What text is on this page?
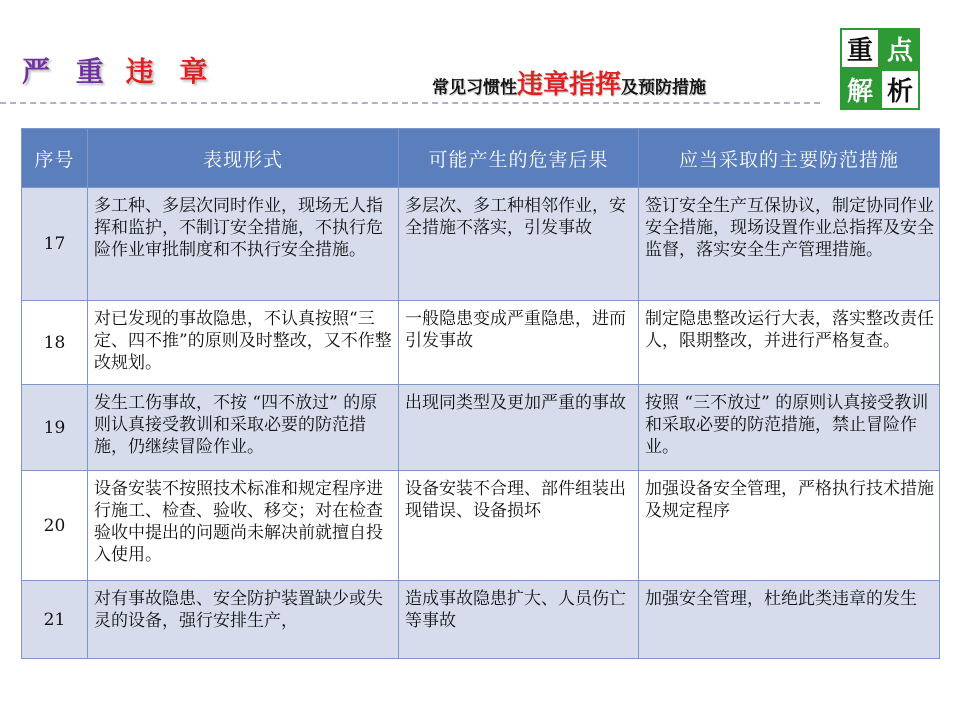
严 重 违 章	常见习惯性违章指挥及预防措施
重 点
解 析
序号	表现形式	可能产生的危害后果	应当采取的主要防范措施
17	多工种、多层次同时作业，现场无人指挥和监护，不制订安全措施，不执行危险作业审批制度和不执行安全措施。	多层次、多工种相邻作业，安全措施不落实，引发事故	签订安全生产互保协议，制定协同作业安全措施，现场设置作业总指挥及安全监督，落实安全生产管理措施。
18	对已发现的事故隐患，不认真按照“三定、四不推”的原则及时整改，又不作整改规划。	一般隐患变成严重隐患，进而引发事故	制定隐患整改运行大表，落实整改责任人，限期整改，并进行严格复查。
19	发生工伤事故，不按 “四不放过” 的原则认真接受教训和采取必要的防范措施，仍继续冒险作业。	出现同类型及更加严重的事故	按照 “三不放过” 的原则认真接受教训和采取必要的防范措施，禁止冒险作业。
20	设备安装不按照技术标准和规定程序进行施工、检查、验收、移交；对在检查验收中提出的问题尚未解决前就擅自投入使用。	设备安装不合理、部件组装出现错误、设备损坏	加强设备安全管理，严格执行技术措施及规定程序
21	对有事故隐患、安全防护装置缺少或失灵的设备，强行安排生产，	造成事故隐患扩大、人员伤亡等事故	加强安全管理，杜绝此类违章的发生
